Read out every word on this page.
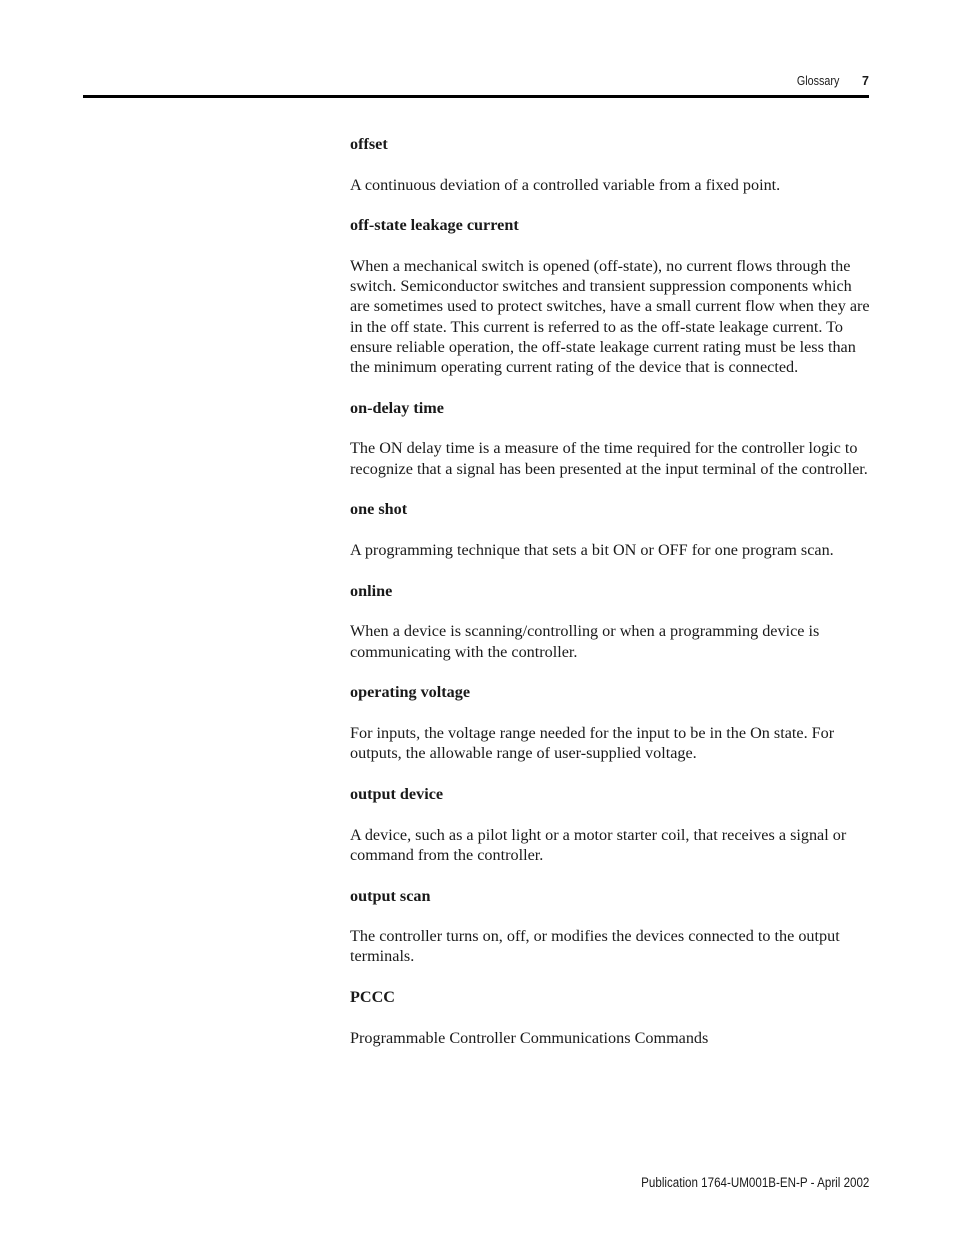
Glossary 7

offset

A continuous deviation of a controlled variable from a fixed point.

off-state leakage current

When a mechanical switch is opened (off-state), no current flows through the switch. Semiconductor switches and transient suppression components which are sometimes used to protect switches, have a small current flow when they are in the off state. This current is referred to as the off-state leakage current. To ensure reliable operation, the off-state leakage current rating must be less than the minimum operating current rating of the device that is connected.

on-delay time

The ON delay time is a measure of the time required for the controller logic to recognize that a signal has been presented at the input terminal of the controller.

one shot

A programming technique that sets a bit ON or OFF for one program scan.

online

When a device is scanning/controlling or when a programming device is communicating with the controller.

operating voltage

For inputs, the voltage range needed for the input to be in the On state. For outputs, the allowable range of user-supplied voltage.

output device

A device, such as a pilot light or a motor starter coil, that receives a signal or command from the controller.

output scan

The controller turns on, off, or modifies the devices connected to the output terminals.

PCCC

Programmable Controller Communications Commands

Publication 1764-UM001B-EN-P - April 2002
